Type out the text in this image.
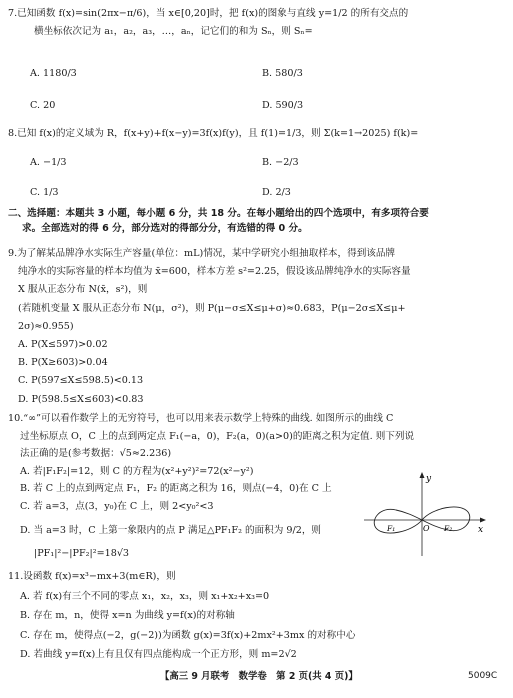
7.已知函数 f(x)=sin(2πx−π/6)，当 x∈[0,20]时，把 f(x)的图象与直线 y=1/2 的所有交点的
横坐标依次记为 a₁，a₂，a₃，…，aₙ，记它们的和为 Sₙ，则 Sₙ=
A. 1180/3	B. 580/3
C. 20	D. 590/3
8.已知 f(x)的定义域为 R，f(x+y)+f(x−y)=3f(x)f(y)，且 f(1)=1/3，则 Σ(k=1→2025) f(k)=
A. −1/3	B. −2/3
C. 1/3	D. 2/3
二、选择题：本题共 3 小题，每小题 6 分，共 18 分。在每小题给出的四个选项中，有多项符合要
求。全部选对的得 6 分，部分选对的得部分分，有选错的得 0 分。
9.为了解某品牌净水实际生产容量(单位：mL)情况，某中学研究小组抽取样本，得到该品牌
纯净水的实际容量的样本均值为 x̄=600，样本方差 s²=2.25，假设该品牌纯净水的实际容量
X 服从正态分布 N(x̄，s²)，则
(若随机变量 X 服从正态分布 N(μ，σ²)，则 P(μ−σ≤X≤μ+σ)≈0.683，P(μ−2σ≤X≤μ+
2σ)≈0.955)
A. P(X≤597)>0.02
B. P(X≥603)>0.04
C. P(597≤X≤598.5)<0.13
D. P(598.5≤X≤603)<0.83
10.“∞”可以看作数学上的无穷符号，也可以用来表示数学上特殊的曲线. 如图所示的曲线 C
过坐标原点 O，C 上的点到两定点 F₁(−a，0)，F₂(a，0)(a>0)的距离之积为定值. 则下列说
法正确的是(参考数据：√5≈2.236)
A. 若|F₁F₂|=12，则 C 的方程为(x²+y²)²=72(x²−y²)
B. 若 C 上的点到两定点 F₁，F₂ 的距离之积为 16，则点(−4，0)在 C 上
C. 若 a=3，点(3，y₀)在 C 上，则 2<y₀²<3
D. 当 a=3 时，C 上第一象限内的点 P 满足△PF₁F₂ 的面积为 9/2，则
|PF₁|²−|PF₂|²=18√3
y
x
O
F₁	F₂
11.设函数 f(x)=x³−mx+3(m∈R)，则
A. 若 f(x)有三个不同的零点 x₁，x₂，x₃，则 x₁+x₂+x₃=0
B. 存在 m，n，使得 x=n 为曲线 y=f(x)的对称轴
C. 存在 m，使得点(−2，g(−2))为函数 g(x)=3f(x)+2mx²+3mx 的对称中心
D. 若曲线 y=f(x)上有且仅有四点能构成一个正方形，则 m=2√2
【高三 9 月联考　数学卷　第 2 页(共 4 页)】	5009C
